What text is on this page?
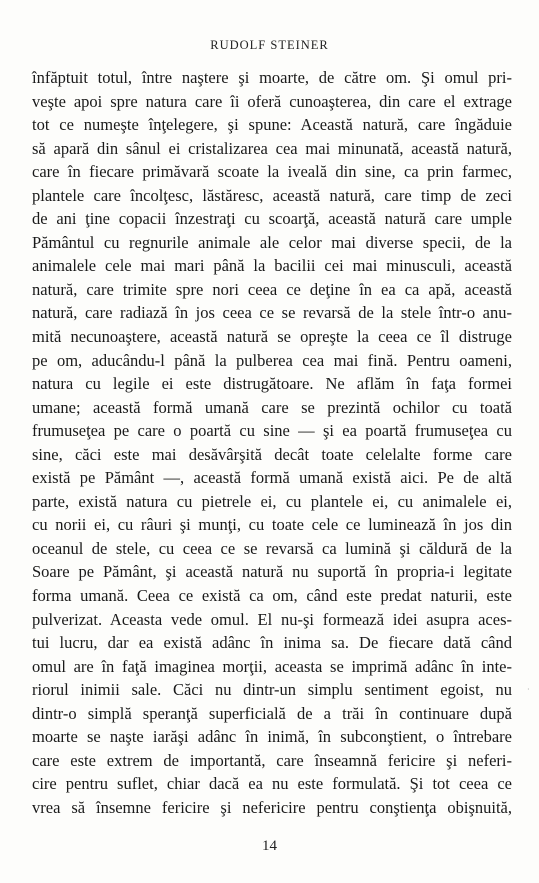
RUDOLF STEINER
înfăptuit totul, între naştere şi moarte, de către om. Şi omul pri-
veşte apoi spre natura care îi oferă cunoaşterea, din care el extrage
tot ce numeşte înţelegere, şi spune: Această natură, care îngăduie
să apară din sânul ei cristalizarea cea mai minunată, această natură,
care în fiecare primăvară scoate la iveală din sine, ca prin farmec,
plantele care încolţesc, lăstăresc, această natură, care timp de zeci
de ani ţine copacii înzestraţi cu scoarţă, această natură care umple
Pământul cu regnurile animale ale celor mai diverse specii, de la
animalele cele mai mari până la bacilii cei mai minusculi, această
natură, care trimite spre nori ceea ce deţine în ea ca apă, această
natură, care radiază în jos ceea ce se revarsă de la stele într-o anu-
mită necunoaştere, această natură se opreşte la ceea ce îl distruge
pe om, aducându-l până la pulberea cea mai fină. Pentru oameni,
natura cu legile ei este distrugătoare. Ne aflăm în faţa formei
umane; această formă umană care se prezintă ochilor cu toată
frumuseţea pe care o poartă cu sine — şi ea poartă frumuseţea cu
sine, căci este mai desăvârşită decât toate celelalte forme care
există pe Pământ —, această formă umană există aici. Pe de altă
parte, există natura cu pietrele ei, cu plantele ei, cu animalele ei,
cu norii ei, cu râuri şi munţi, cu toate cele ce luminează în jos din
oceanul de stele, cu ceea ce se revarsă ca lumină şi căldură de la
Soare pe Pământ, şi această natură nu suportă în propria-i legitate
forma umană. Ceea ce există ca om, când este predat naturii, este
pulverizat. Aceasta vede omul. El nu-şi formează idei asupra aces-
tui lucru, dar ea există adânc în inima sa. De fiecare dată când
omul are în faţă imaginea morţii, aceasta se imprimă adânc în inte-
riorul inimii sale. Căci nu dintr-un simplu sentiment egoist, nu
dintr-o simplă speranţă superficială de a trăi în continuare după
moarte se naşte iarăşi adânc în inimă, în subconştient, o întrebare
care este extrem de importantă, care înseamnă fericire şi neferi-
cire pentru suflet, chiar dacă ea nu este formulată. Şi tot ceea ce
vrea să însemne fericire şi nefericire pentru conştienţa obişnuită,
·
14
